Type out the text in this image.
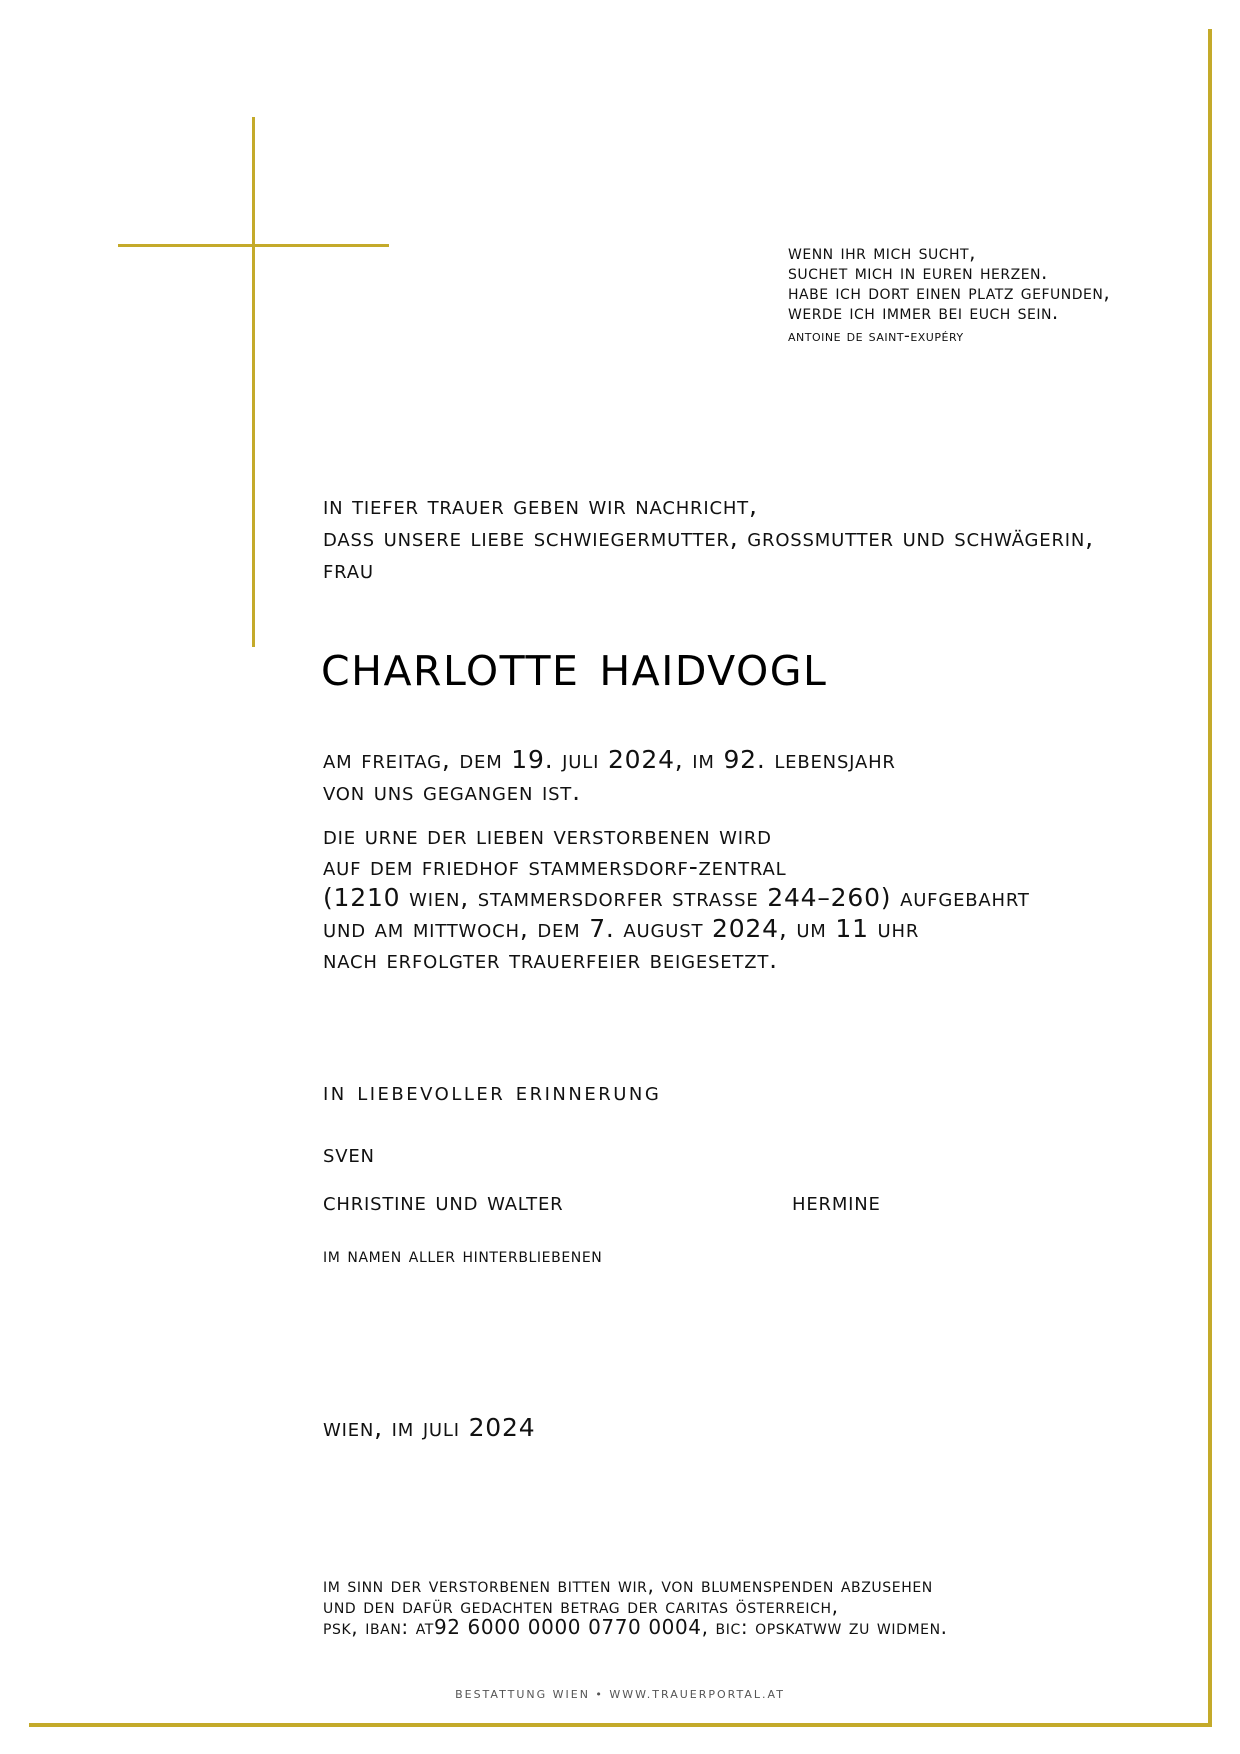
wenn ihr mich sucht,
suchet mich in euren herzen.
habe ich dort einen platz gefunden,
werde ich immer bei euch sein.
antoine de saint-exupéry
in tiefer trauer geben wir nachricht,
dass unsere liebe schwiegermutter, grossmutter und schwägerin,
frau
charlotte haidvogl
am freitag, dem 19. juli 2024, im 92. lebensjahr
von uns gegangen ist.
die urne der lieben verstorbenen wird
auf dem friedhof stammersdorf-zentral
(1210 wien, stammersdorfer strasse 244–260) aufgebahrt
und am mittwoch, dem 7. august 2024, um 11 uhr
nach erfolgter trauerfeier beigesetzt.
in liebevoller erinnerung
sven
christine und walter	hermine
im namen aller hinterbliebenen
wien, im juli 2024
im sinn der verstorbenen bitten wir, von blumenspenden abzusehen
und den dafür gedachten betrag der caritas österreich,
psk, iban: at92 6000 0000 0770 0004, bic: opskatww zu widmen.
BESTATTUNG WIEN • WWW.TRAUERPORTAL.AT
